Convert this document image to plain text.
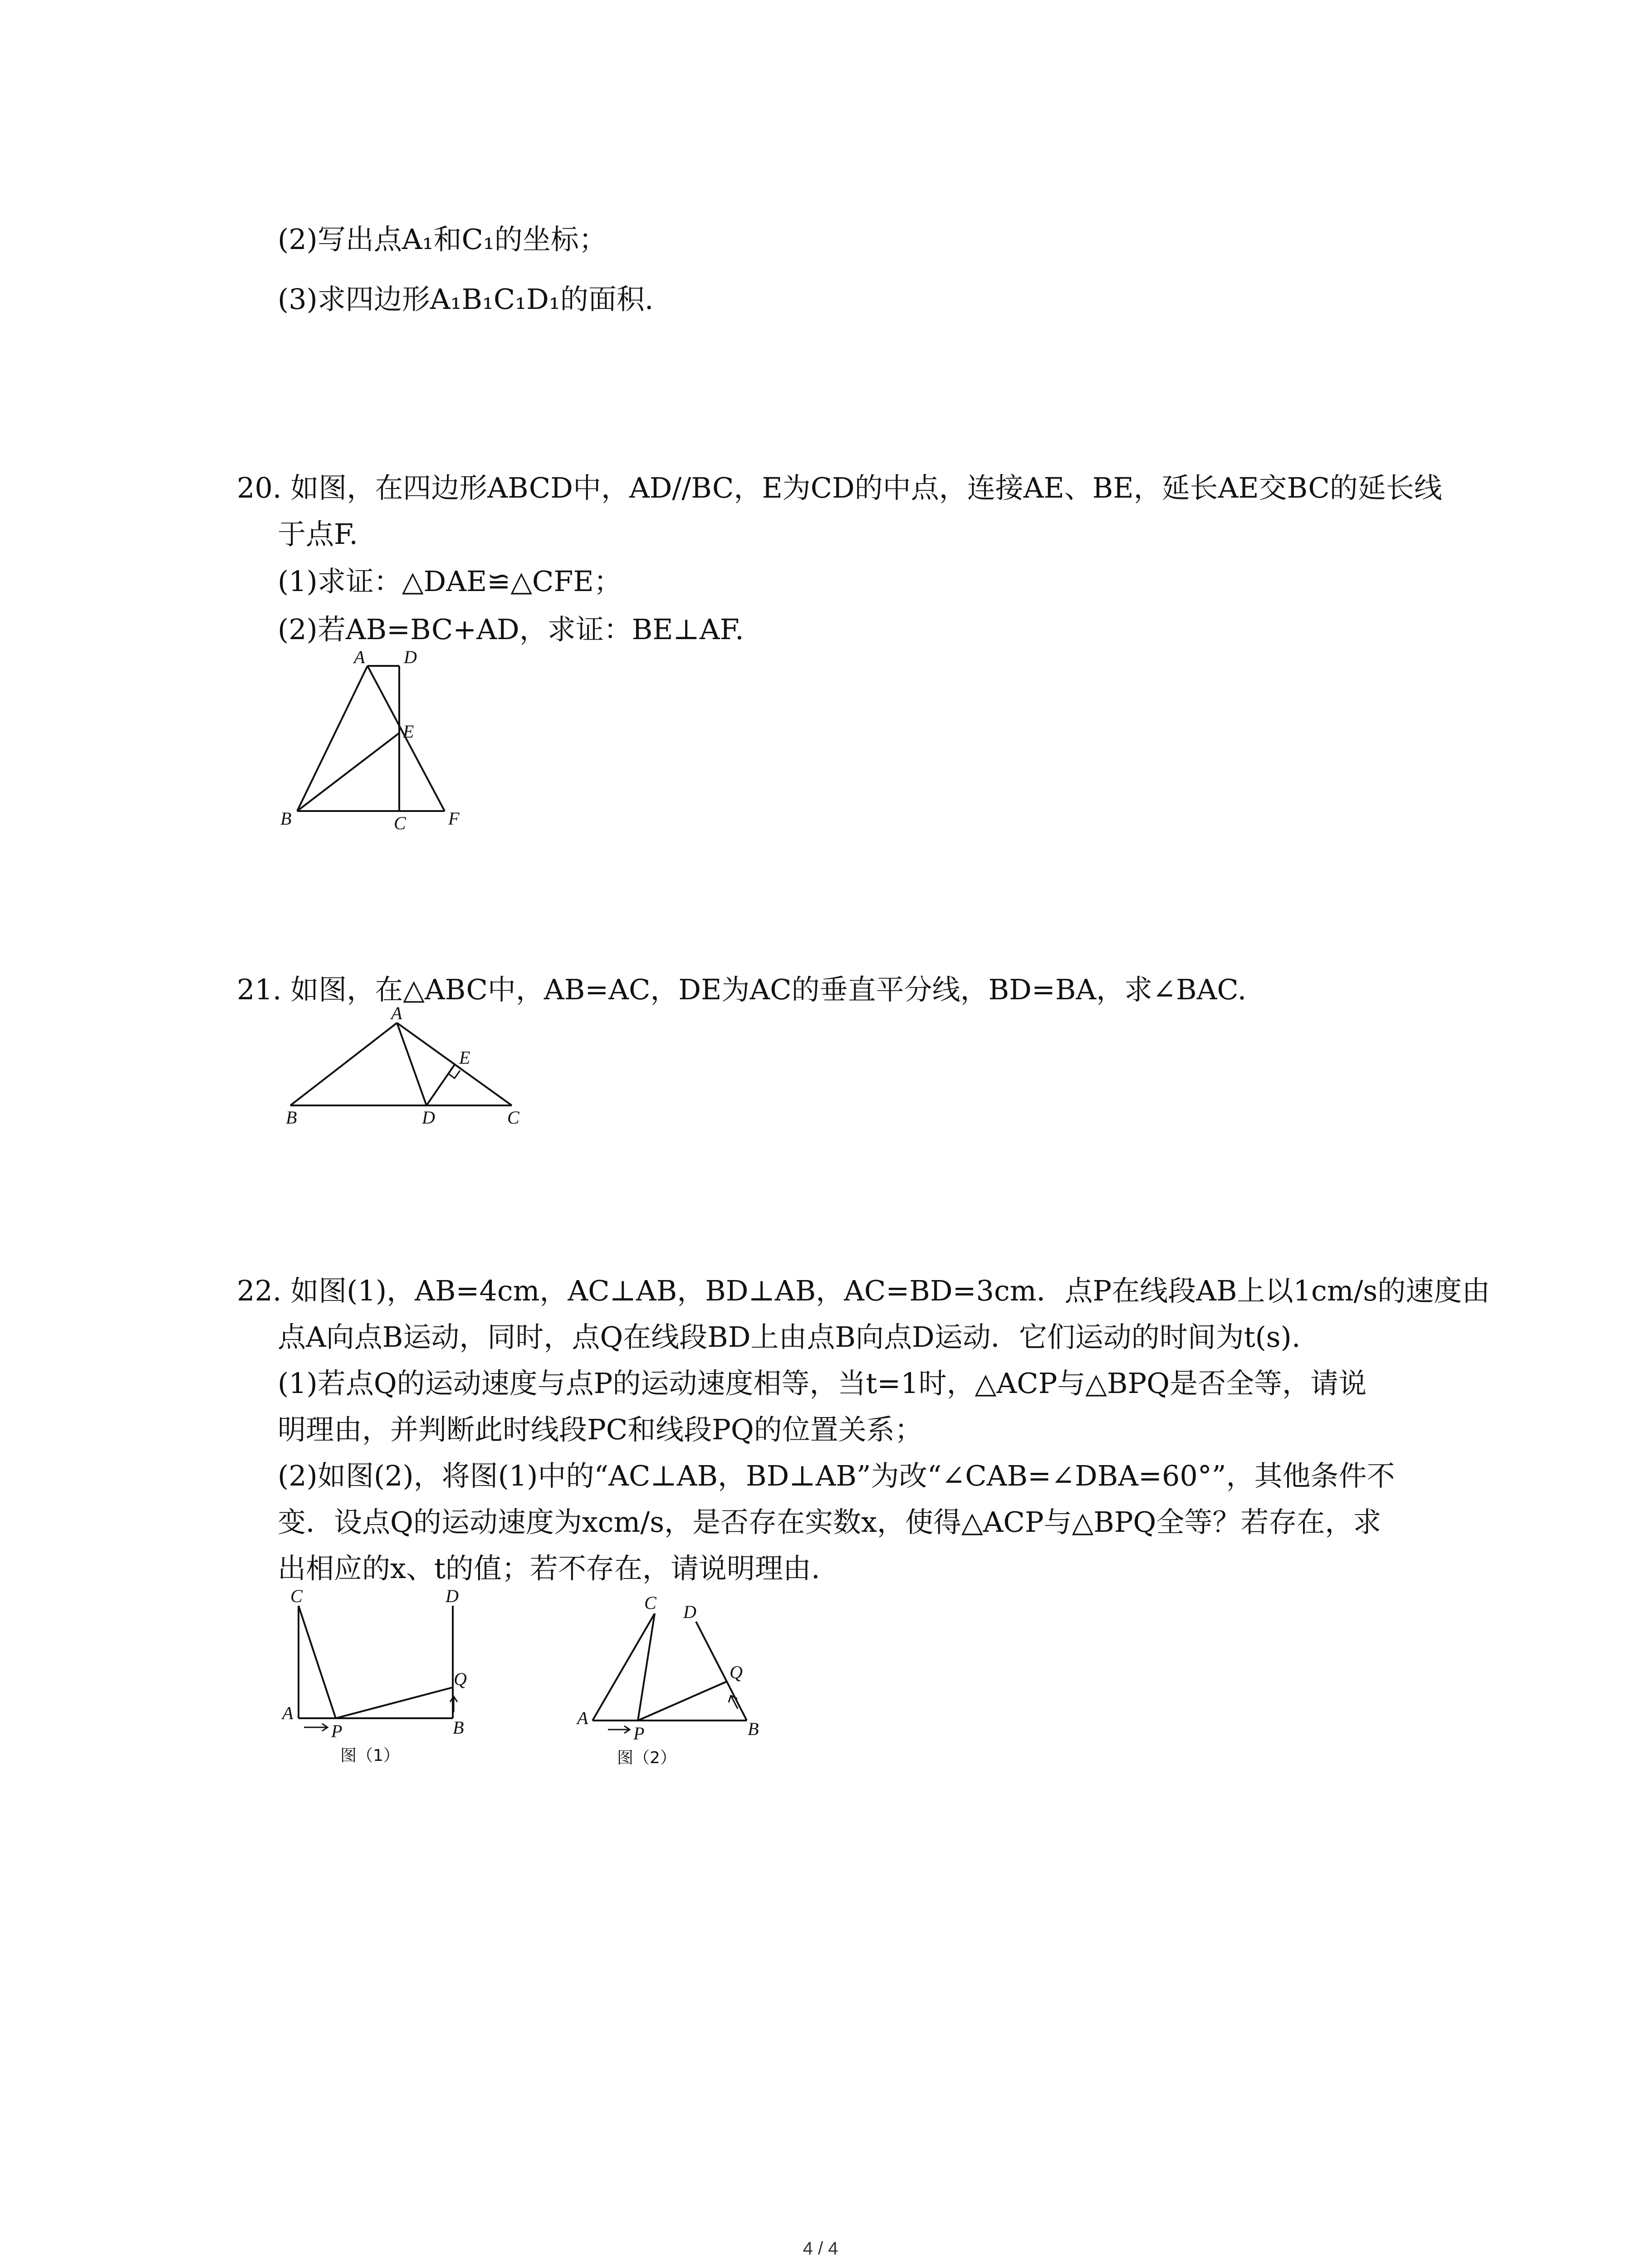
(2)写出点A₁和C₁的坐标；
(3)求四边形A₁B₁C₁D₁的面积.
20. 如图，在四边形ABCD中，AD//BC，E为CD的中点，连接AE、BE，延长AE交BC的延长线
于点F.
(1)求证：△DAE≌△CFE；
(2)若AB=BC+AD，求证：BE⊥AF.
A D
E
B	C F
21. 如图，在△ABC中，AB=AC，DE为AC的垂直平分线，BD=BA，求∠BAC.
A
E
B	D	C
22. 如图(1)，AB=4cm，AC⊥AB，BD⊥AB，AC=BD=3cm．点P在线段AB上以1cm/s的速度由
点A向点B运动，同时，点Q在线段BD上由点B向点D运动．它们运动的时间为t(s).
(1)若点Q的运动速度与点P的运动速度相等，当t=1时，△ACP与△BPQ是否全等，请说
明理由，并判断此时线段PC和线段PQ的位置关系；
(2)如图(2)，将图(1)中的“AC⊥AB，BD⊥AB”为改“∠CAB=∠DBA=60°”，其他条件不
变．设点Q的运动速度为xcm/s，是否存在实数x，使得△ACP与△BPQ全等？若存在，求
出相应的x、t的值；若不存在，请说明理由.
C	D
Q
A
P	B
图（1）
C D
Q
A
P	B
图（2）
4 / 4
